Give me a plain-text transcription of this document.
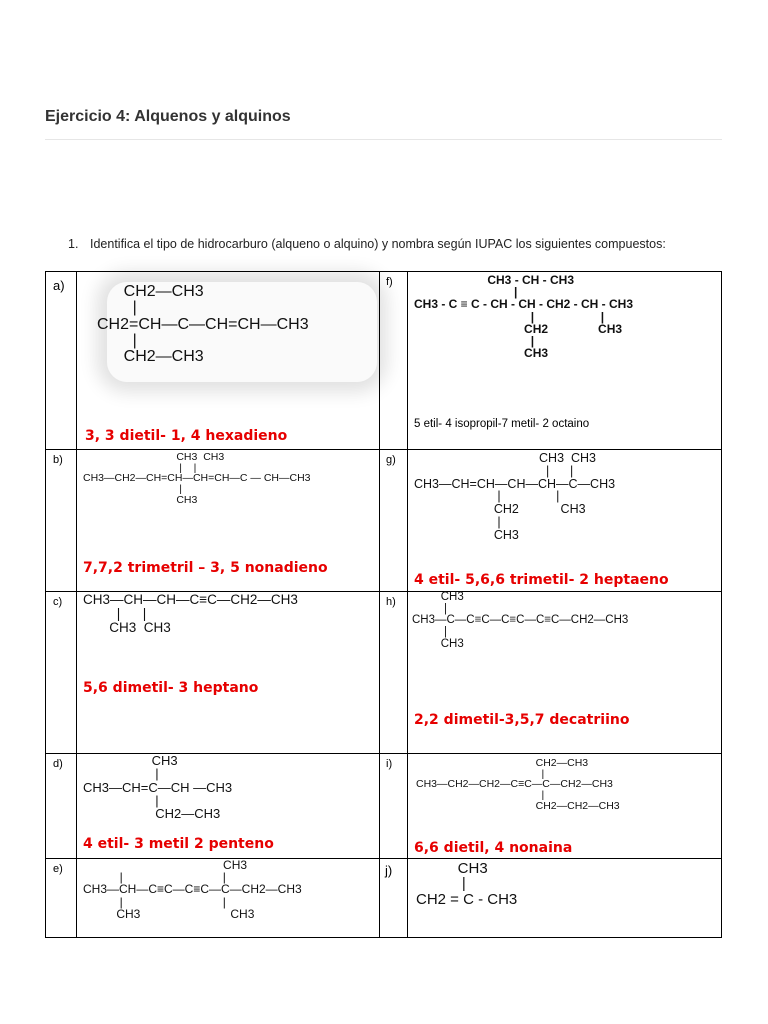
Ejercicio 4: Alquenos y alquinos
1. Identifica el tipo de hidrocarburo (alqueno o alquino) y nombra según IUPAC los siguientes compuestos:
a)	CH2—CH3
|
CH2=CH—C—CH=CH—CH3
|
CH2—CH3
3, 3 dietil- 1, 4 hexadieno
f)	CH3 - CH - CH3
|
CH3 - C ≡ C - CH - CH - CH2 - CH - CH3
|                    |
CH2               CH3
|
CH3
5 etil- 4 isopropil-7 metil- 2 octaino
b)	CH3  CH3
|    |
CH3—CH2—CH=CH—CH=CH—C — CH—CH3
|
CH3
7,7,2 trimetril – 3, 5 nonadieno
g)	CH3  CH3
|      |
CH3—CH=CH—CH—CH—C—CH3
|                |
CH2            CH3
|
CH3
4 etil- 5,6,6 trimetil- 2 heptaeno
c) CH3—CH—CH—C≡C—CH2—CH3
|      |
CH3  CH3
5,6 dimetil- 3 heptano
h)	CH3
|
CH3—C—C≡C—C≡C—C≡C—CH2—CH3
|
CH3
2,2 dimetil-3,5,7 decatriino
d)	CH3
|
CH3—CH=C—CH —CH3
|
CH2—CH3
4 etil- 3 metil 2 penteno
i)	CH2—CH3
|
CH3—CH2—CH2—C≡C—C—CH2—CH3
|
CH2—CH2—CH3
6,6 dietil, 4 nonaina
e)	CH3
|                              |
CH3—CH—C≡C—C≡C—C—CH2—CH3
|                              |
CH3                           CH3
j)	CH3
|
CH2 = C - CH3
